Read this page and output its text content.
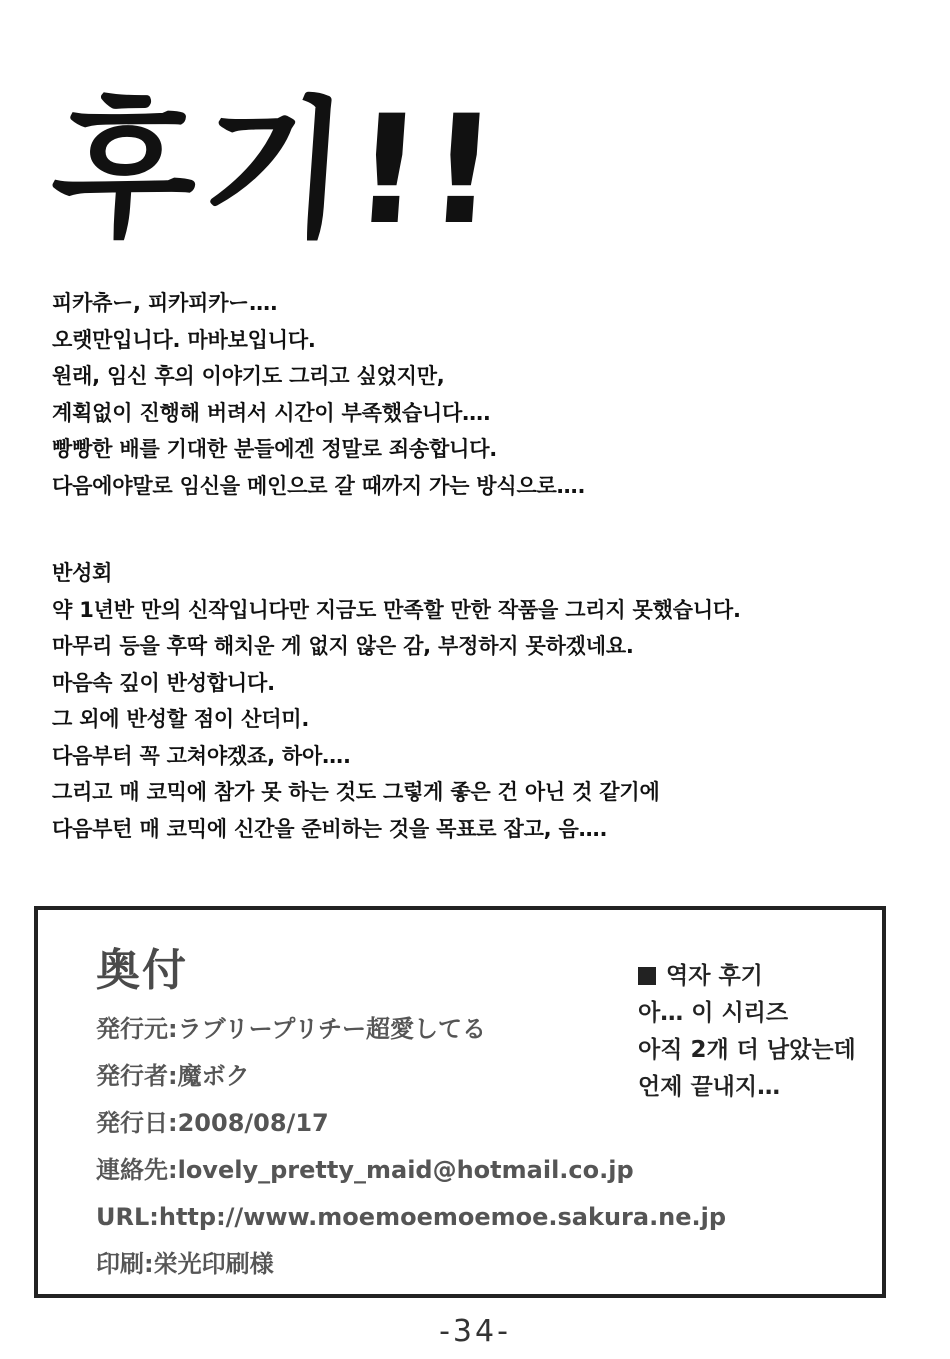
후기!!
피카츄ー, 피카피카ー….
오랫만입니다. 마바보입니다.
원래, 임신 후의 이야기도 그리고 싶었지만,
계획없이 진행해 버려서 시간이 부족했습니다….
빵빵한 배를 기대한 분들에겐 정말로 죄송합니다.
다음에야말로 임신을 메인으로 갈 때까지 가는 방식으로….
반성회
약 1년반 만의 신작입니다만 지금도 만족할 만한 작품을 그리지 못했습니다.
마무리 등을 후딱 해치운 게 없지 않은 감, 부정하지 못하겠네요.
마음속 깊이 반성합니다.
그 외에 반성할 점이 산더미.
다음부터 꼭 고쳐야겠죠, 하아….
그리고 매 코믹에 참가 못 하는 것도 그렇게 좋은 건 아닌 것 같기에
다음부턴 매 코믹에 신간을 준비하는 것을 목표로 잡고, 음….
奥付
発行元:ラブリープリチー超愛してる
発行者:魔ボク
発行日:2008/08/17
連絡先:lovely_pretty_maid@hotmail.co.jp
URL:http://www.moemoemoemoe.sakura.ne.jp
印刷:栄光印刷様
역자 후기
아… 이 시리즈
아직 2개 더 남았는데
언제 끝내지…
-34-
